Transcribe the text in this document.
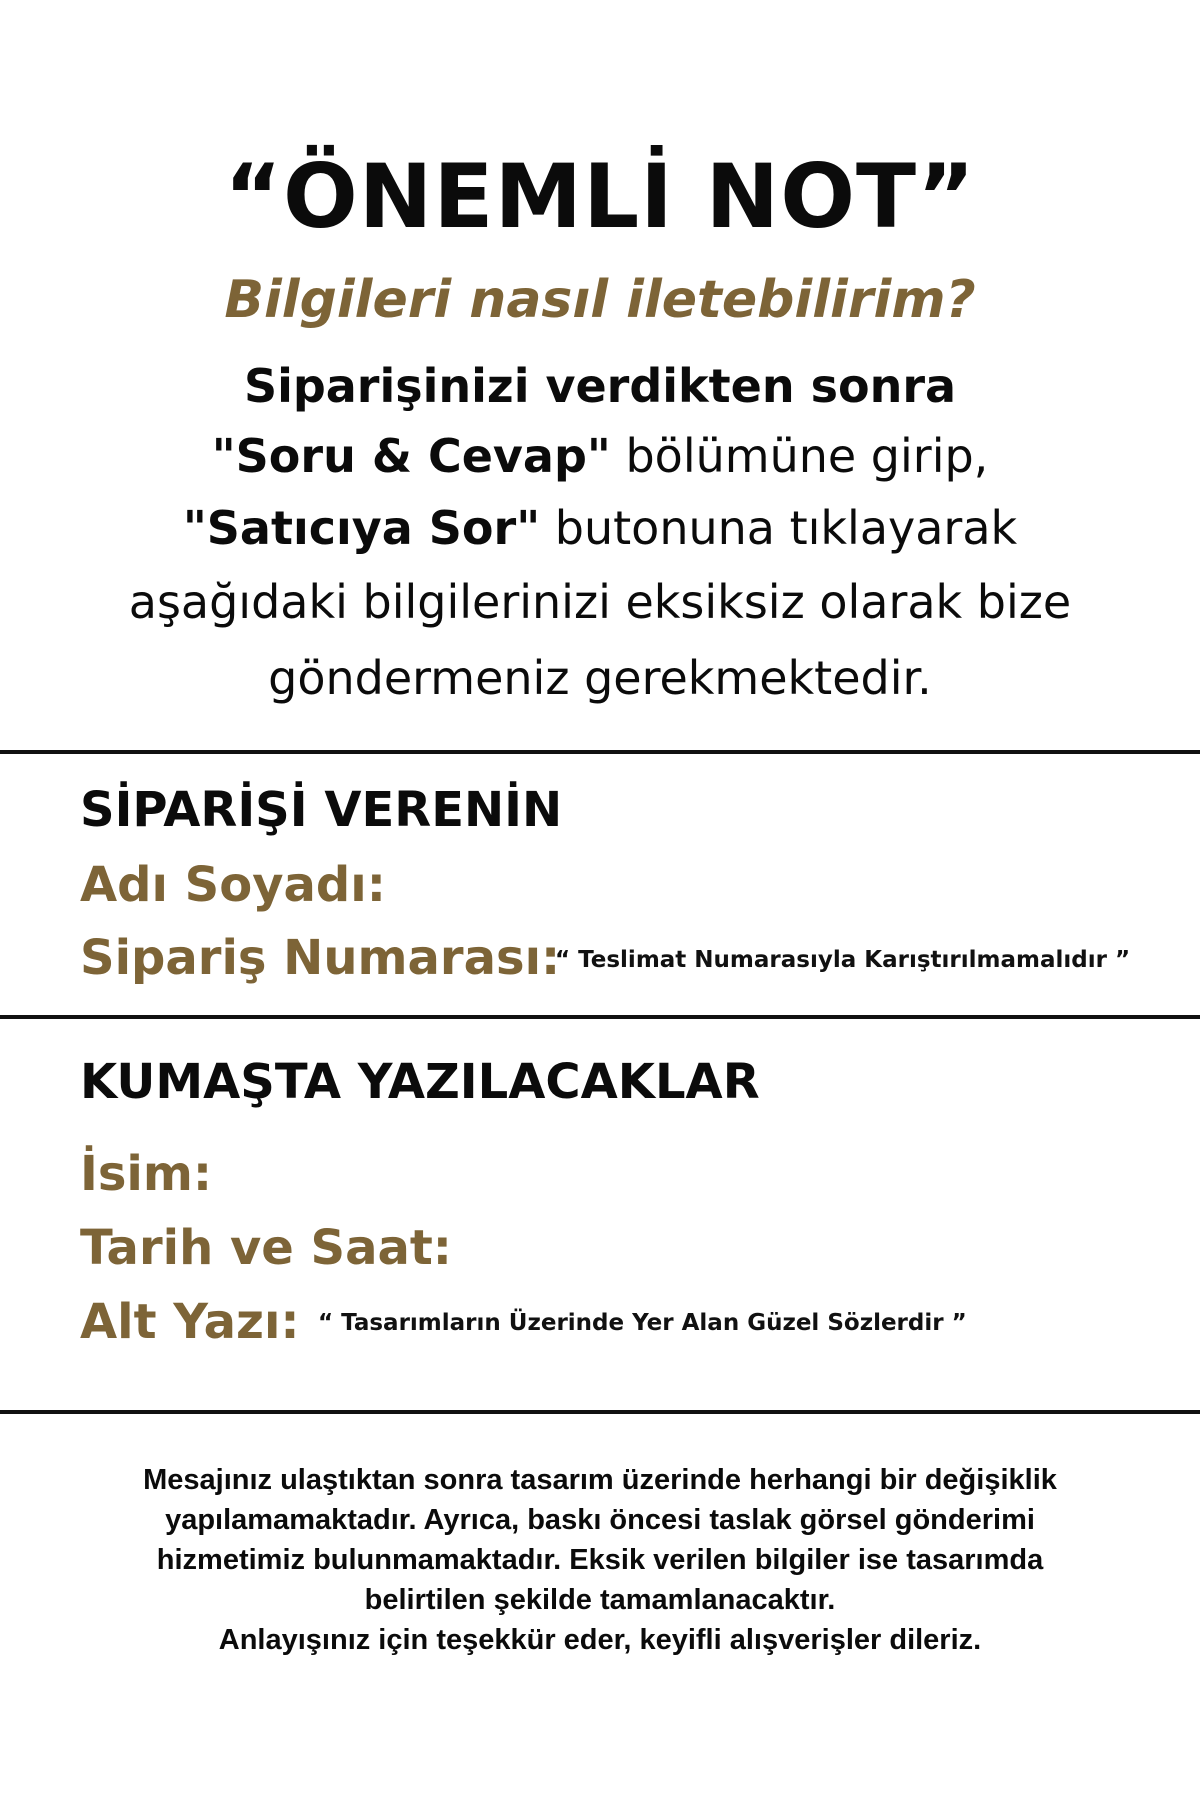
“ÖNEMLİ NOT”
Bilgileri nasıl iletebilirim?
Siparişinizi verdikten sonra
"Soru & Cevap" bölümüne girip,
"Satıcıya Sor" butonuna tıklayarak
aşağıdaki bilgilerinizi eksiksiz olarak bize
göndermeniz gerekmektedir.
SİPARİŞİ VERENİN
Adı Soyadı:
Sipariş Numarası:
“ Teslimat Numarasıyla Karıştırılmamalıdır ”
KUMAŞTA YAZILACAKLAR
İsim:
Tarih ve Saat:
Alt Yazı: “ Tasarımların Üzerinde Yer Alan Güzel Sözlerdir ”
Mesajınız ulaştıktan sonra tasarım üzerinde herhangi bir değişiklik
yapılamamaktadır. Ayrıca, baskı öncesi taslak görsel gönderimi
hizmetimiz bulunmamaktadır. Eksik verilen bilgiler ise tasarımda
belirtilen şekilde tamamlanacaktır.
Anlayışınız için teşekkür eder, keyifli alışverişler dileriz.
